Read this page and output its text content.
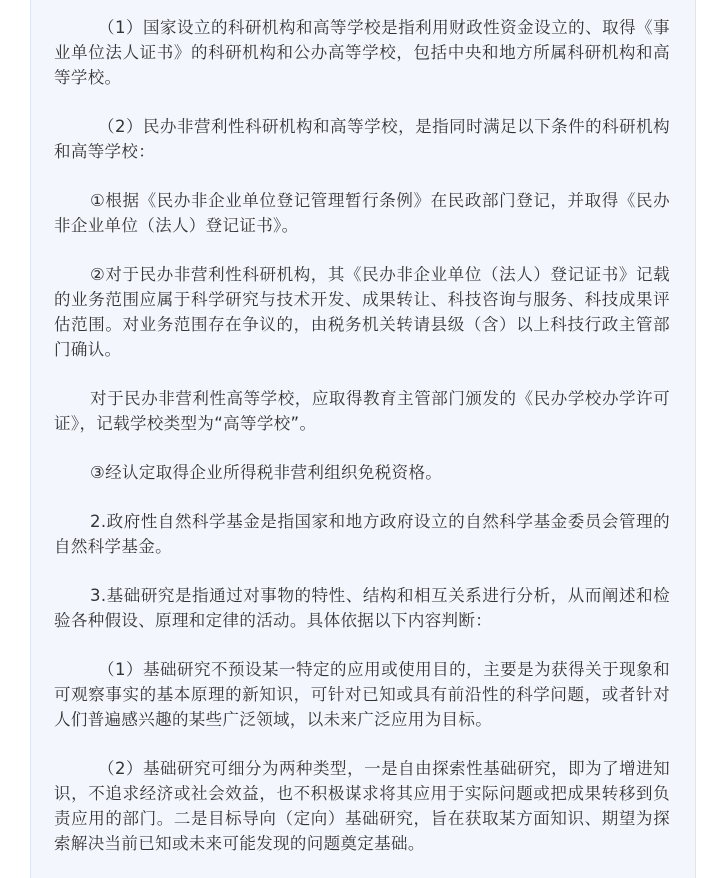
（1）国家设立的科研机构和高等学校是指利用财政性资金设立的、取得《事业单位法人证书》的科研机构和公办高等学校，包括中央和地方所属科研机构和高等学校。

（2）民办非营利性科研机构和高等学校，是指同时满足以下条件的科研机构和高等学校：

①根据《民办非企业单位登记管理暂行条例》在民政部门登记，并取得《民办非企业单位（法人）登记证书》。

②对于民办非营利性科研机构，其《民办非企业单位（法人）登记证书》记载的业务范围应属于科学研究与技术开发、成果转让、科技咨询与服务、科技成果评估范围。对业务范围存在争议的，由税务机关转请县级（含）以上科技行政主管部门确认。

对于民办非营利性高等学校，应取得教育主管部门颁发的《民办学校办学许可证》，记载学校类型为“高等学校”。

③经认定取得企业所得税非营利组织免税资格。

2.政府性自然科学基金是指国家和地方政府设立的自然科学基金委员会管理的自然科学基金。

3.基础研究是指通过对事物的特性、结构和相互关系进行分析，从而阐述和检验各种假设、原理和定律的活动。具体依据以下内容判断：

（1）基础研究不预设某一特定的应用或使用目的，主要是为获得关于现象和可观察事实的基本原理的新知识，可针对已知或具有前沿性的科学问题，或者针对人们普遍感兴趣的某些广泛领域，以未来广泛应用为目标。

（2）基础研究可细分为两种类型，一是自由探索性基础研究，即为了增进知识，不追求经济或社会效益，也不积极谋求将其应用于实际问题或把成果转移到负责应用的部门。二是目标导向（定向）基础研究，旨在获取某方面知识、期望为探索解决当前已知或未来可能发现的问题奠定基础。
